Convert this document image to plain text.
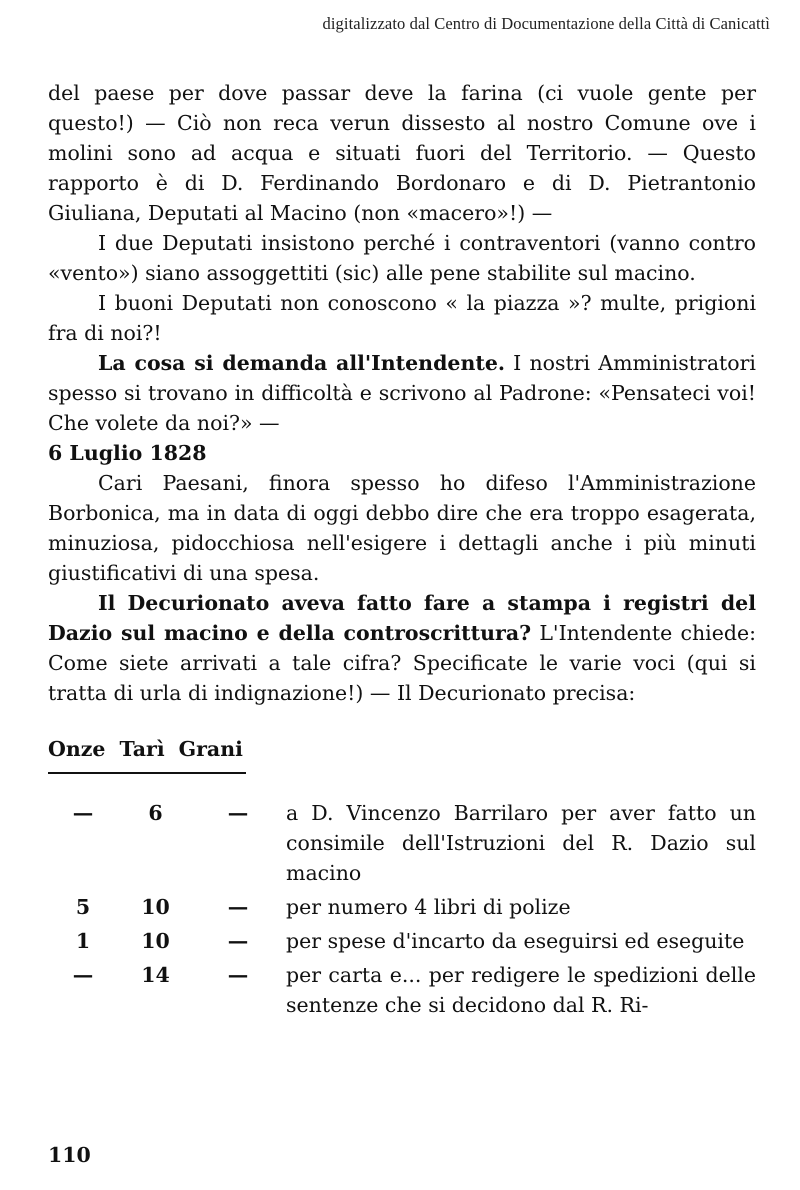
digitalizzato dal Centro di Documentazione della Città di Canicattì

del paese per dove passar deve la farina (ci vuole gente per questo!) — Ciò non reca verun dissesto al nostro Comune ove i molini sono ad acqua e situati fuori del Territorio. — Questo rapporto è di D. Ferdinando Bordonaro e di D. Pietrantonio Giuliana, Deputati al Macino (non «macero»!) —

I due Deputati insistono perché i contraventori (vanno contro «vento») siano assoggettiti (sic) alle pene stabilite sul macino.

I buoni Deputati non conoscono « la piazza »? multe, prigioni fra di noi?!

La cosa si demanda all'Intendente. I nostri Amministratori spesso si trovano in difficoltà e scrivono al Padrone: «Pensateci voi! Che volete da noi?» —

6 Luglio 1828

Cari Paesani, finora spesso ho difeso l'Amministrazione Borbonica, ma in data di oggi debbo dire che era troppo esagerata, minuziosa, pidocchiosa nell'esigere i dettagli anche i più minuti giustificativi di una spesa.

Il Decurionato aveva fatto fare a stampa i registri del Dazio sul macino e della controscrittura? L'Intendente chiede: Come siete arrivati a tale cifra? Specificate le varie voci (qui si tratta di urla di indignazione!) — Il Decurionato precisa:

Onze Tarì Grani
—	6	—	a D. Vincenzo Barrilaro per aver fatto un consimile dell'Istruzioni del R. Dazio sul macino
5	10	—	per numero 4 libri di polize
1	10	—	per spese d'incarto da eseguirsi ed eseguite
—	14	—	per carta e... per redigere le spedizioni delle sentenze che si decidono dal R. Ri-
110
